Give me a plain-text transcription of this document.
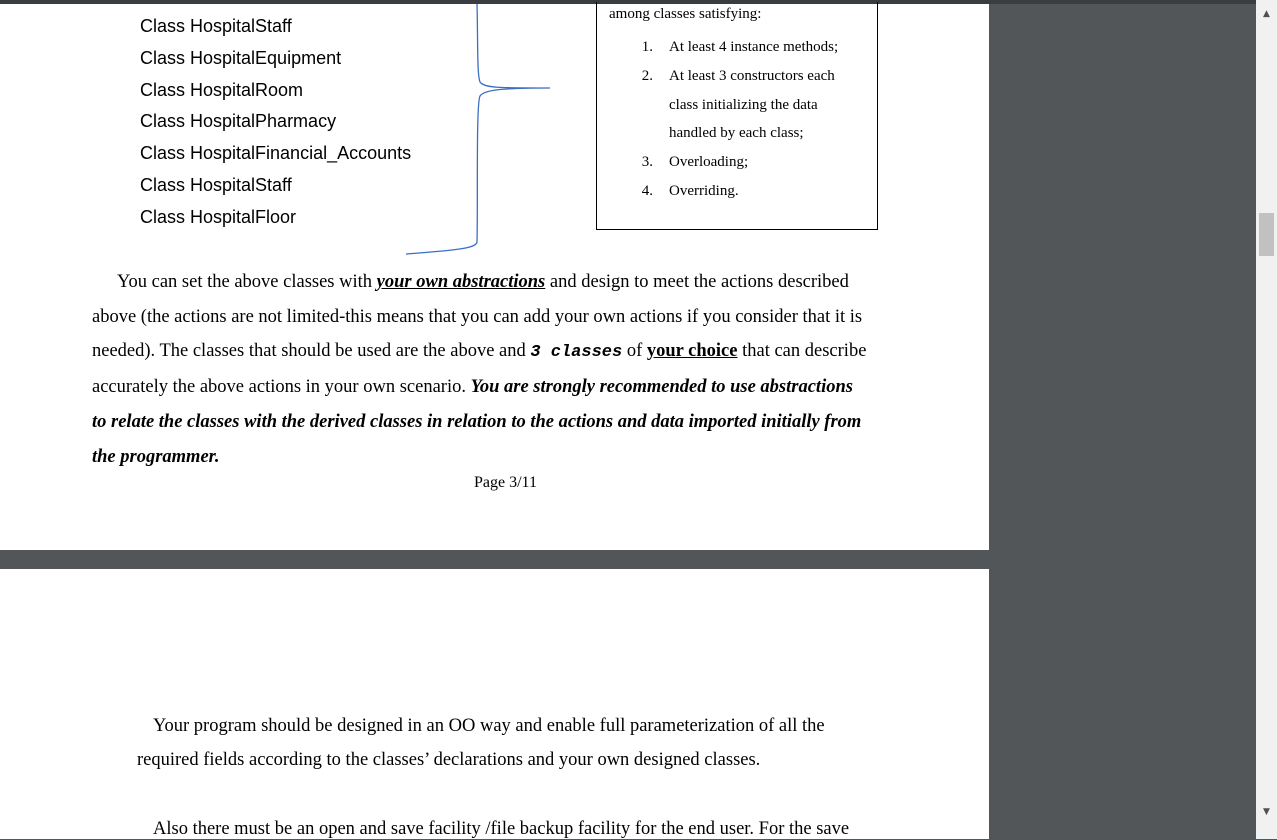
Class HospitalStaff
Class HospitalEquipment
Class HospitalRoom
Class HospitalPharmacy
Class HospitalFinancial_Accounts
Class HospitalStaff
Class HospitalFloor
among classes satisfying:
1. At least 4 instance methods;
2. At least 3 constructors each
class initializing the data
handled by each class;
3. Overloading;
4. Overriding.
You can set the above classes with your own abstractions and design to meet the actions described
above (the actions are not limited-this means that you can add your own actions if you consider that it is
needed). The classes that should be used are the above and 3 classes of your choice that can describe
accurately the above actions in your own scenario. You are strongly recommended to use abstractions
to relate the classes with the derived classes in relation to the actions and data imported initially from
the programmer.
Page 3/11
Your program should be designed in an OO way and enable full parameterization of all the
required fields according to the classes’ declarations and your own designed classes.
Also there must be an open and save facility /file backup facility for the end user. For the save
▲
▼
